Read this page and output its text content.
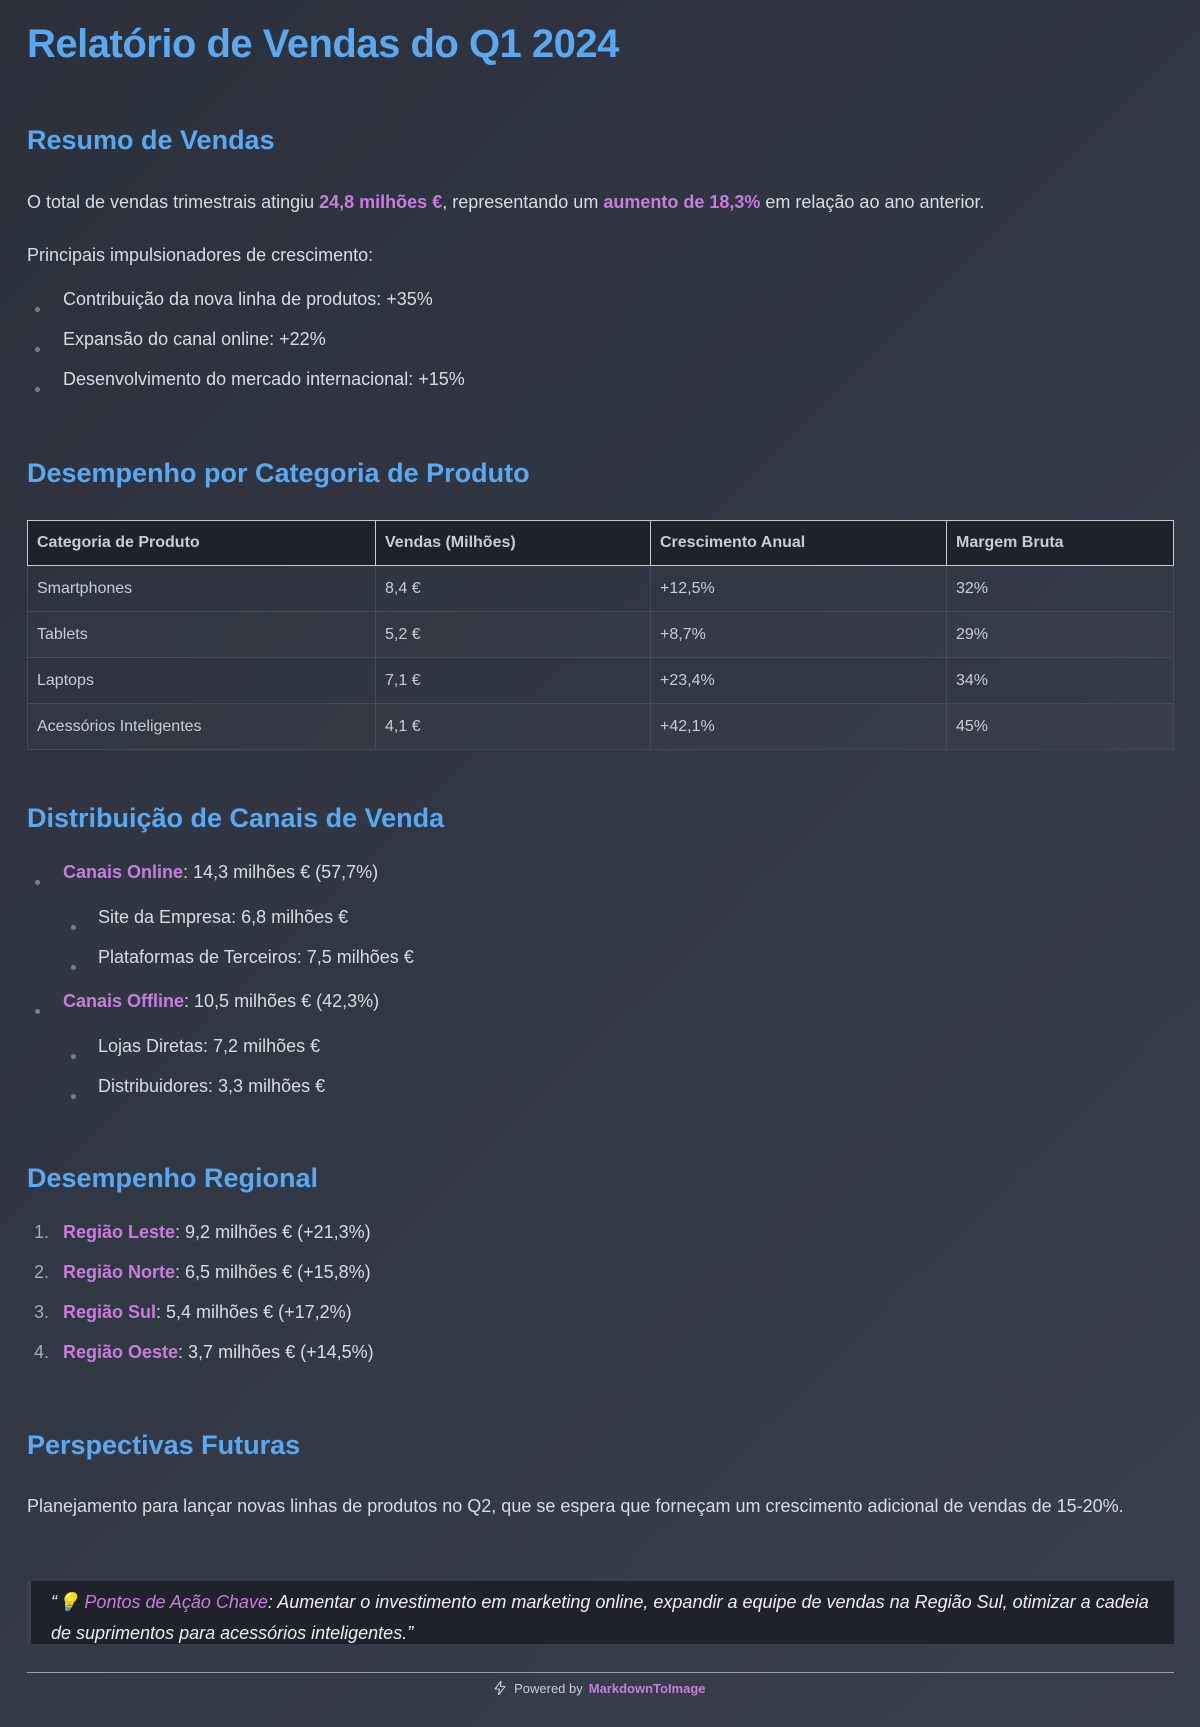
Relatório de Vendas do Q1 2024
Resumo de Vendas

O total de vendas trimestrais atingiu 24,8 milhões €, representando um aumento de 18,3% em relação ao ano anterior.

Principais impulsionadores de crescimento:

Contribuição da nova linha de produtos: +35%
Expansão do canal online: +22%
Desenvolvimento do mercado internacional: +15%
Desempenho por Categoria de Produto
Categoria de Produto	Vendas (Milhões)	Crescimento Anual	Margem Bruta
Smartphones	8,4 €	+12,5%	32%
Tablets	5,2 €	+8,7%	29%
Laptops	7,1 €	+23,4%	34%
Acessórios Inteligentes	4,1 €	+42,1%	45%
Distribuição de Canais de Venda
Canais Online: 14,3 milhões € (57,7%)
Site da Empresa: 6,8 milhões €
Plataformas de Terceiros: 7,5 milhões €
Canais Offline: 10,5 milhões € (42,3%)
Lojas Diretas: 7,2 milhões €
Distribuidores: 3,3 milhões €
Desempenho Regional
1. Região Leste: 9,2 milhões € (+21,3%)
2. Região Norte: 6,5 milhões € (+15,8%)
3. Região Sul: 5,4 milhões € (+17,2%)
4. Região Oeste: 3,7 milhões € (+14,5%)
Perspectivas Futuras

Planejamento para lançar novas linhas de produtos no Q2, que se espera que forneçam um crescimento adicional de vendas de 15-20%.

“💡 Pontos de Ação Chave: Aumentar o investimento em marketing online, expandir a equipe de vendas na Região Sul, otimizar a cadeia de suprimentos para acessórios inteligentes.”
Powered by MarkdownToImage
